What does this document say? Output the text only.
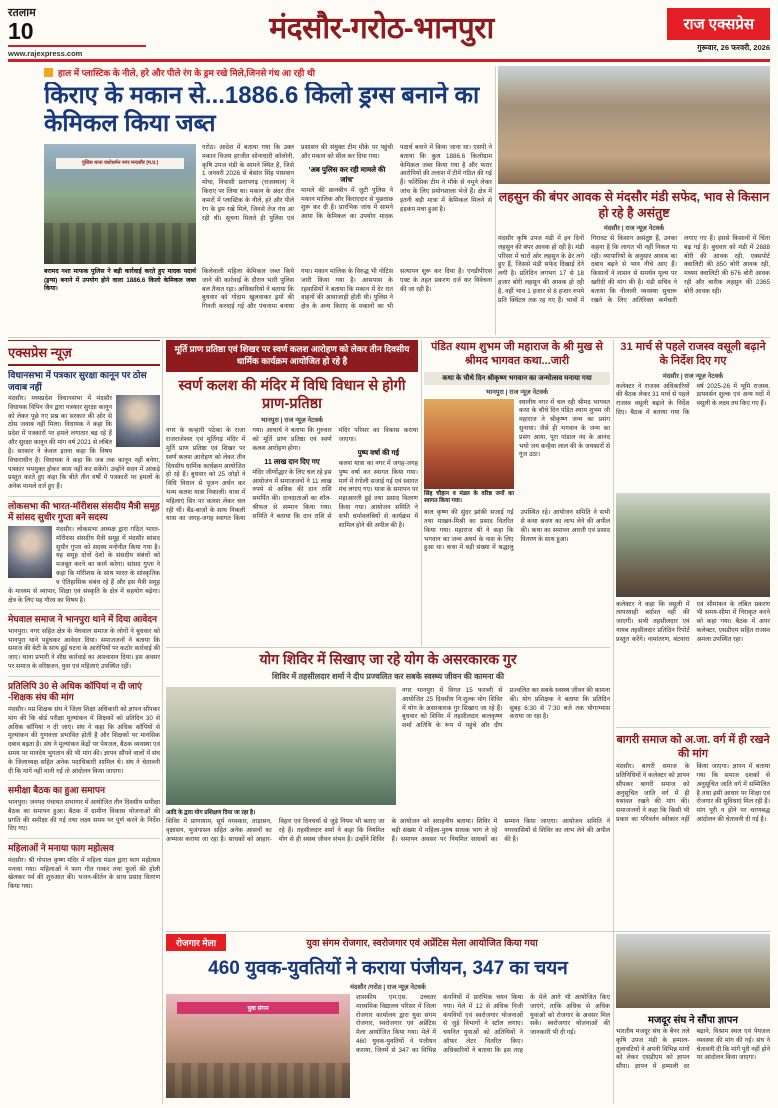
रतलाम
10
www.rajexpress.com
मंदसौर-गरोठ-भानपुरा	राज एक्सप्रेस
गुरूवार, 26 फरवरी, 2026
हाल में प्लास्टिक के नीले, हरे और पीले रंग के ड्रम रखे मिले,जिनसे गंध आ रही थी
किराए के मकान से...1886.6 किलो ड्रग्स बनाने का केमिकल किया जब्त
पुलिस थाना यशोधर्मन नगर मन्दसौर (म.प्र.)

गरोठ। आदेश में बताया गया कि उक्त मकान विजय हरजीत सोनाधारी कॉलोनी, कृषि उपज मंडी के सामने स्थित है, जिसे 1 जनवरी 2026 से बेसांत सिंह पासवान मोघा, निवासी प्रतापगढ़ (राजस्थान) ने किराए पर लिया था। मकान के अंदर तीन कमरों में प्लास्टिक के नीले, हरे और पीले रंग के ड्रम रखे मिले, जिनसे तेज गंध आ रही थी। सूचना मिलते ही पुलिस एवं प्रशासन की संयुक्त टीम मौके पर पहुंची और मकान को सील कर दिया गया।

'अब पुलिस कर रही मामले की जांच'

मामले की छानबीन में जुटी पुलिस ने मकान मालिक और किराएदार से पूछताछ शुरू कर दी है। प्रारंभिक जांच में सामने आया कि केमिकल का उपयोग मादक पदार्थ बनाने में किया जाना था। एसपी ने बताया कि कुल 1886.6 किलोग्राम केमिकल जब्त किया गया है और फरार आरोपियों की तलाश में टीमें गठित की गई हैं। फोरेंसिक टीम ने मौके से नमूने लेकर जांच के लिए प्रयोगशाला भेजे हैं। क्षेत्र में इतनी बड़ी मात्रा में केमिकल मिलने से हड़कंप मचा हुआ है।

बरामद नशा माफक पुलिस ने बड़ी कार्रवाई करते हुए मादक पदार्थ (ड्रग्स) बनाने में उपयोग होने वाला 1886.6 किलो केमिकल जब्त किया।

किलेवाली महिला केमिकल जब्त किये जाने की कार्रवाई के दौरान भारी पुलिस बल तैनात रहा। अधिकारियों ने बताया कि बुधवार को गोदाम खुलवाकर ड्रमों की गिनती करवाई गई और पंचनामा बनाया गया। मकान मालिक के विरुद्ध भी नोटिस जारी किया गया है। आसपास के रहवासियों ने बताया कि मकान में देर रात वाहनों की आवाजाही होती थी। पुलिस ने क्षेत्र के अन्य किराए के मकानों का भी सत्यापन शुरू कर दिया है। एनडीपीएस एक्ट के तहत प्रकरण दर्ज कर विवेचना की जा रही है।

लहसुन की बंपर आवक से मंदसौर मंडी सफेद, भाव से किसान हो रहे है असंतुष्ट
मंदसौर | राज न्यूज़ नेटवर्क

मंदसौर कृषि उपज मंडी में इन दिनों लहसुन की बंपर आवक हो रही है। मंडी परिसर में चारों ओर लहसुन के ढेर लगे हुए हैं, जिससे मंडी सफेद दिखाई देने लगी है। प्रतिदिन लगभग 17 से 18 हजार बोरी लहसुन की आवक हो रही है, वहीं भाव 1 हजार से 8 हजार रुपये प्रति क्विंटल तक रह गए हैं। भावों में गिरावट से किसान असंतुष्ट हैं, उनका कहना है कि लागत भी नहीं निकल पा रही। व्यापारियों के अनुसार आवक का दबाव बढ़ने से भाव नीचे आए हैं। किसानों ने शासन से समर्थन मूल्य पर खरीदी की मांग की है। मंडी सचिव ने बताया कि नीलामी व्यवस्था सुचारू रखने के लिए अतिरिक्त कर्मचारी लगाए गए हैं। इससे किसानों में चिंता बढ़ गई है। बुधवार को मंडी में 2688 बोरी की आवक रही, एक्सपोर्ट क्वालिटी की 850 बोरी आवक रही, मध्यम क्वालिटी की 676 बोरी आवक रही और बारीक लहसुन की 2365 बोरी आवक रही।

एक्सप्रेस न्यूज़
विधानसभा में पत्रकार सुरक्षा कानून पर ठोस जवाब नहीं

मंदसौर। मध्यप्रदेश विधानसभा में मंदसौर विधायक विपिन जैन द्वारा पत्रकार सुरक्षा कानून को लेकर पूछे गए प्रश्न का सरकार की ओर से ठोस जवाब नहीं मिला। विधायक ने कहा कि प्रदेश में पत्रकारों पर हमले लगातार बढ़ रहे हैं और सुरक्षा कानून की मांग वर्ष 2021 से लंबित है। सरकार ने केवल इतना कहा कि विषय विचाराधीन है। विधायक ने कहा कि जब तक कानून नहीं बनेगा, पत्रकार भयमुक्त होकर काम नहीं कर सकेंगे। उन्होंने सदन में आंकड़े प्रस्तुत करते हुए कहा कि बीते तीन वर्षों में पत्रकारों पर हमलों के अनेक मामले दर्ज हुए हैं।

लोकसभा की भारत-मॉरीशस संसदीय मैत्री समूह में सांसद सुधीर गुप्ता बने सदस्य

मंदसौर। लोकसभा अध्यक्ष द्वारा गठित भारत-मॉरीशस संसदीय मैत्री समूह में मंदसौर सांसद सुधीर गुप्ता को सदस्य मनोनीत किया गया है। यह समूह दोनों देशों के संसदीय संबंधों को मजबूत करने का कार्य करेगा। सांसद गुप्ता ने कहा कि मॉरीशस के साथ भारत के सांस्कृतिक व ऐतिहासिक संबंध रहे हैं और इस मैत्री समूह के माध्यम से व्यापार, शिक्षा एवं संस्कृति के क्षेत्र में सहयोग बढ़ेगा। क्षेत्र के लिए यह गौरव का विषय है।

मेघवाल समाज ने भानपुरा थाने में दिया आवेदन

भानपुरा। नगर सहित क्षेत्र के मेघवाल समाज के लोगों ने बुधवार को भानपुरा थाने पहुंचकर आवेदन दिया। समाजजनों ने बताया कि समाज की बेटी के साथ हुई घटना के आरोपियों पर कठोर कार्रवाई की जाए। थाना प्रभारी ने शीघ्र कार्रवाई का आश्वासन दिया। इस अवसर पर समाज के वरिष्ठजन, युवा एवं महिलाएं उपस्थित रहीं।

प्रतिलिपि 30 से अधिक कॉपियां न दी जाएं -शिक्षक संघ की मांग

मंदसौर। मप्र शिक्षक संघ ने जिला शिक्षा अधिकारी को ज्ञापन सौंपकर मांग की कि बोर्ड परीक्षा मूल्यांकन में शिक्षकों को प्रतिदिन 30 से अधिक कॉपियां न दी जाएं। संघ ने कहा कि अधिक कॉपियों से मूल्यांकन की गुणवत्ता प्रभावित होती है और शिक्षकों पर मानसिक दबाव बढ़ता है। संघ ने मूल्यांकन केंद्रों पर पेयजल, बैठक व्यवस्था एवं समय पर मानदेय भुगतान की भी मांग की। ज्ञापन सौंपने वालों में संघ के जिलाध्यक्ष सहित अनेक पदाधिकारी शामिल थे। संघ ने चेतावनी दी कि मांगें नहीं मानी गईं तो आंदोलन किया जाएगा।

समीक्षा बैठक का हुआ समापन

भानपुरा। जनपद पंचायत सभागार में आयोजित तीन दिवसीय समीक्षा बैठक का समापन हुआ। बैठक में ग्रामीण विकास योजनाओं की प्रगति की समीक्षा की गई तथा लक्ष्य समय पर पूर्ण करने के निर्देश दिए गए।

महिलाओं ने मनाया फाग महोत्सव

मंदसौर। श्री गोपाल कृष्ण मंदिर में महिला मंडल द्वारा फाग महोत्सव मनाया गया। महिलाओं ने फाग गीत गाकर तथा फूलों की होली खेलकर पर्व की शुरुआत की। भजन-कीर्तन के साथ प्रसाद वितरण किया गया।

मूर्ति प्राण प्रतिष्ठा एवं शिखर पर स्वर्ण कलश आरोहण को लेकर तीन दिवसीय धार्मिक कार्यक्रम आयोजित हो रहे है
स्वर्ण कलश की मंदिर में विधि विधान से होगी प्राण-प्रतिष्ठा
भानपुरा | राज न्यूज़ नेटवर्क

नगर के कन्हारी पठेका के राजा राजराजेश्वर एवं मूर्तिगढ़ मंदिर में मूर्ति प्राण प्रतिष्ठा एवं शिखर पर स्वर्ण कलश आरोहण को लेकर तीन दिवसीय धार्मिक कार्यक्रम आयोजित हो रहे हैं। बुधवार को 25 जोड़ों ने विधि विधान से पूजन अर्चन कर भव्य कलश यात्रा निकाली। यात्रा में महिलाएं सिर पर कलश लेकर चल रही थीं। बैंड-बाजों के साथ निकली यात्रा का जगह-जगह स्वागत किया गया। आचार्य ने बताया कि गुरुवार को मूर्ति प्राण प्रतिष्ठा एवं स्वर्ण कलश आरोहण होगा।

11 लाख दान दिए गए

मंदिर जीर्णोद्धार के लिए चल रहे इस आयोजन में समाजजनों ने 11 लाख रुपये से अधिक की दान राशि समर्पित की। दानदाताओं का शॉल-श्रीफल से सम्मान किया गया। समिति ने बताया कि दान राशि से मंदिर परिसर का विकास कराया जाएगा।

पुष्प वर्षा की गई

कलश यात्रा का नगर में जगह-जगह पुष्प वर्षा कर स्वागत किया गया। मार्ग में रंगोली सजाई गई एवं स्वागत मंच लगाए गए। यात्रा के समापन पर महाआरती हुई तथा प्रसाद वितरण किया गया। आयोजन समिति ने सभी धर्मावलंबियों से कार्यक्रम में शामिल होने की अपील की है।

पंडित श्याम शुभम जी महाराज के श्री मुख से श्रीमद भागवत कथा...जारी
कथा के चौथे दिन श्रीकृष्ण भगवान का जन्मोत्सव मनाया गया
भानपुरा | राज न्यूज़ नेटवर्क
सिंह चौहान व मंडल के वरिष्ठ जनों का स्वागत किया गया।

स्थानीय नगर में चल रही श्रीमद भागवत कथा के चौथे दिन पंडित श्याम शुभम जी महाराज ने श्रीकृष्ण जन्म का प्रसंग सुनाया। जैसे ही भगवान के जन्म का प्रसंग आया, पूरा पांडाल नंद के आनंद भयो जय कन्हैया लाल की के जयकारों से गूंज उठा।

बाल कृष्ण की सुंदर झांकी सजाई गई तथा माखन-मिश्री का प्रसाद वितरित किया गया। महाराज श्री ने कहा कि भगवान का जन्म अधर्म के नाश के लिए हुआ था। कथा में बड़ी संख्या में श्रद्धालु उपस्थित रहे। आयोजन समिति ने सभी से कथा श्रवण का लाभ लेने की अपील की। कथा का समापन आरती एवं प्रसाद वितरण के साथ हुआ।

31 मार्च से पहले राजस्व वसूली बढ़ाने के निर्देश दिए गए
मंदसौर | राज न्यूज़ नेटवर्क

कलेक्टर ने राजस्व अधिकारियों की बैठक लेकर 31 मार्च से पहले राजस्व वसूली बढ़ाने के निर्देश दिए। बैठक में बताया गया कि वर्ष 2025-26 में भूमि राजस्व, डायवर्सन शुल्क एवं अन्य मदों में वसूली के लक्ष्य तय किए गए हैं।

कलेक्टर ने कहा कि वसूली में लापरवाही बर्दाश्त नहीं की जाएगी। सभी तहसीलदार एवं नायब तहसीलदार प्रतिदिन रिपोर्ट प्रस्तुत करेंगे। नामांतरण, बंटवारा एवं सीमांकन के लंबित प्रकरण भी समय-सीमा में निराकृत करने को कहा गया। बैठक में अपर कलेक्टर, एसडीएम सहित राजस्व अमला उपस्थित रहा।

बागरी समाज को अ.जा. वर्ग में ही रखने की मांग

मंदसौर। बागरी समाज के प्रतिनिधियों ने कलेक्टर को ज्ञापन सौंपकर बागरी समाज को अनुसूचित जाति वर्ग में ही यथावत रखने की मांग की। समाजजनों ने कहा कि किसी भी प्रकार का परिवर्तन स्वीकार नहीं किया जाएगा। ज्ञापन में बताया गया कि समाज दशकों से अनुसूचित जाति वर्ग में सम्मिलित है तथा इसी आधार पर शिक्षा एवं रोजगार की सुविधाएं मिल रही हैं। मांग पूरी न होने पर चरणबद्ध आंदोलन की चेतावनी दी गई है।

योग शिविर में सिखाए जा रहे योग के असरकारक गुर
शिविर में तहसीलदार शर्मा ने दीप प्रज्वलित कर सबके स्वस्थ्य जीवन की कामना की

नगर भानपुरा में विगत 15 फरवरी से आयोजित 25 दिवसीय नि:शुल्क योग शिविर में योग के असरकारक गुर सिखाए जा रहे हैं। बुधवार को शिविर में तहसीलदार बालकृष्ण शर्मा अतिथि के रूप में पहुंचे और दीप प्रज्वलित कर सबके स्वस्थ्य जीवन की कामना की। योग प्रशिक्षक ने बताया कि प्रतिदिन सुबह 6:30 से 7:30 बजे तक योगाभ्यास कराया जा रहा है।

आदि के द्वारा योग प्रशिक्षण दिया जा रहा है।

शिविर में प्राणायाम, सूर्य नमस्कार, ताड़ासन, वृक्षासन, भुजंगासन सहित अनेक आसनों का अभ्यास कराया जा रहा है। साधकों को आहार-विहार एवं दिनचर्या से जुड़े नियम भी बताए जा रहे हैं। तहसीलदार शर्मा ने कहा कि नियमित योग से ही स्वस्थ जीवन संभव है। उन्होंने शिविर के आयोजन को सराहनीय बताया। शिविर में बड़ी संख्या में महिला-पुरुष साधक भाग ले रहे हैं। समापन अवसर पर नियमित साधकों का सम्मान किया जाएगा। आयोजन समिति ने नगरवासियों से शिविर का लाभ लेने की अपील की है।

रोजगार मेला	युवा संगम रोजगार, स्वरोजगार एवं अप्रेंटिस मेला आयोजित किया गया
460 युवक-युवतियों ने कराया पंजीयन, 347 का चयन
मंदसौर /गरोठ | राज न्यूज़ नेटवर्क
युवा संगम

शासकीय एम.एस. उच्चतर माध्यमिक विद्यालय परिसर में जिला रोजगार कार्यालय द्वारा युवा संगम रोजगार, स्वरोजगार एवं अप्रेंटिस मेला आयोजित किया गया। मेले में 460 युवक-युवतियों ने पंजीयन कराया, जिनमें से 347 का विभिन्न कंपनियों में प्रारंभिक चयन किया गया। मेले में 12 से अधिक निजी कंपनियों एवं स्वरोजगार योजनाओं से जुड़े विभागों ने स्टॉल लगाए। चयनित युवाओं को अतिथियों ने ऑफर लेटर वितरित किए। अधिकारियों ने बताया कि इस तरह के मेले आगे भी आयोजित किए जाएंगे, ताकि अधिक से अधिक युवाओं को रोजगार के अवसर मिल सकें। स्वरोजगार योजनाओं की जानकारी भी दी गई।

मजदूर संघ ने सौंपा ज्ञापन

भारतीय मजदूर संघ के बैनर तले कृषि उपज मंडी के हम्माल-तुलावटियों ने अपनी विभिन्न मांगों को लेकर एसडीएम को ज्ञापन सौंपा। ज्ञापन में हम्माली दर बढ़ाने, विश्राम स्थल एवं पेयजल व्यवस्था की मांग की गई। संघ ने चेतावनी दी कि मांगें पूरी नहीं होने पर आंदोलन किया जाएगा।
